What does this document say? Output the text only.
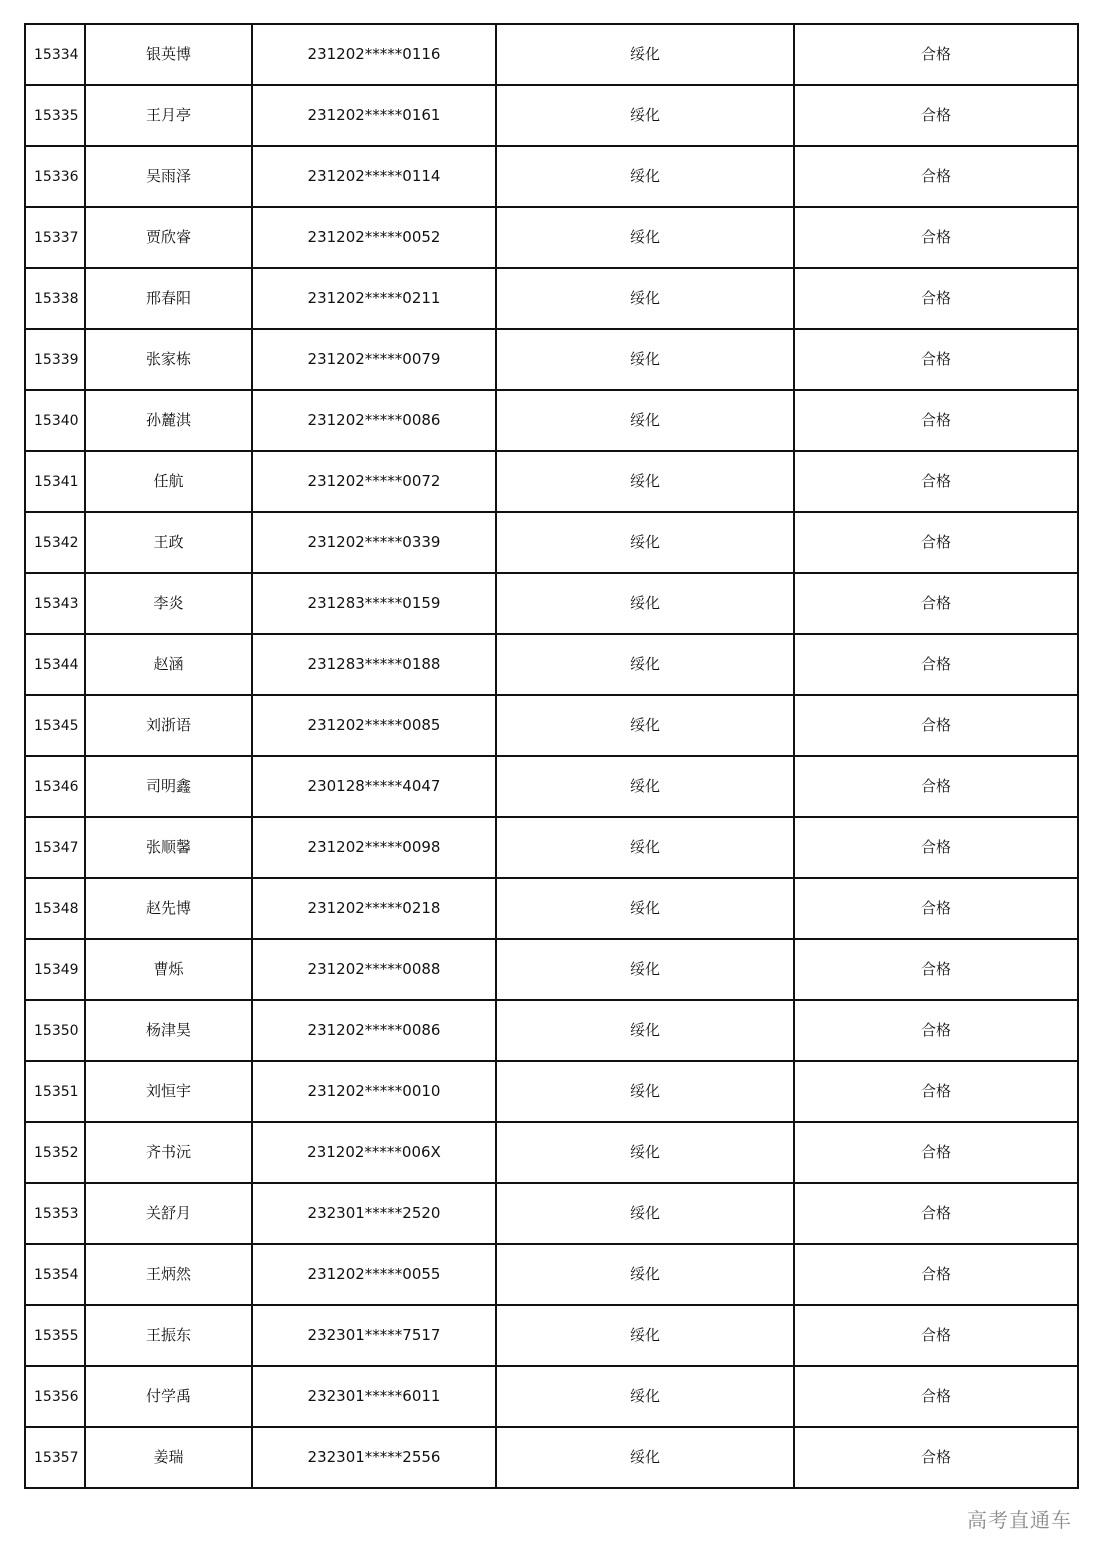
15334	银英博	231202*****0116	绥化	合格
15335	王月亭	231202*****0161	绥化	合格
15336	吴雨泽	231202*****0114	绥化	合格
15337	贾欣睿	231202*****0052	绥化	合格
15338	邢春阳	231202*****0211	绥化	合格
15339	张家栋	231202*****0079	绥化	合格
15340	孙麓淇	231202*****0086	绥化	合格
15341	任航	231202*****0072	绥化	合格
15342	王政	231202*****0339	绥化	合格
15343	李炎	231283*****0159	绥化	合格
15344	赵涵	231283*****0188	绥化	合格
15345	刘浙语	231202*****0085	绥化	合格
15346	司明鑫	230128*****4047	绥化	合格
15347	张顺馨	231202*****0098	绥化	合格
15348	赵先博	231202*****0218	绥化	合格
15349	曹烁	231202*****0088	绥化	合格
15350	杨津昊	231202*****0086	绥化	合格
15351	刘恒宇	231202*****0010	绥化	合格
15352	齐书沅	231202*****006X	绥化	合格
15353	关舒月	232301*****2520	绥化	合格
15354	王炳然	231202*****0055	绥化	合格
15355	王振东	232301*****7517	绥化	合格
15356	付学禹	232301*****6011	绥化	合格
15357	姜瑞	232301*****2556	绥化	合格
高考直通车
